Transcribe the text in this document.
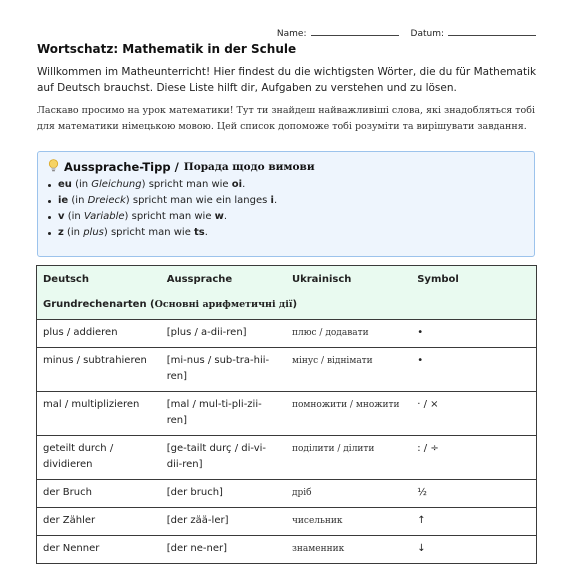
Name:	Datum:
Wortschatz: Mathematik in der Schule
Willkommen im Matheunterricht! Hier findest du die wichtigsten Wörter, die du für Mathematik auf Deutsch brauchst. Diese Liste hilft dir, Aufgaben zu verstehen und zu lösen.
Ласкаво просимо на урок математики! Тут ти знайдеш найважливіші слова, які знадобляться тобі для математики німецькою мовою. Цей список допоможе тобі розуміти та вирішувати завдання.
Aussprache-Tipp / Порада щодо вимови
eu (in Gleichung) spricht man wie oi.
ie (in Dreieck) spricht man wie ein langes i.
v (in Variable) spricht man wie w.
z (in plus) spricht man wie ts.
Deutsch	Aussprache	Ukrainisch	Symbol
Grundrechenarten (Основні арифметичні дії)			
plus / addieren	[plus / a-dii-ren]	плюс / додавати	•
minus / subtrahieren	[mi-nus / sub-tra-hii-ren]	мінус / віднімати	•
mal / multiplizieren	[mal / mul-ti-pli-zii-ren]	помножити / множити	· / ×
geteilt durch / dividieren	[ge-tailt durç / di-vi-dii-ren]	поділити / ділити	: / ÷
der Bruch	[der bruch]	дріб	½
der Zähler	[der zää-ler]	чисельник	↑
der Nenner	[der ne-ner]	знаменник	↓
